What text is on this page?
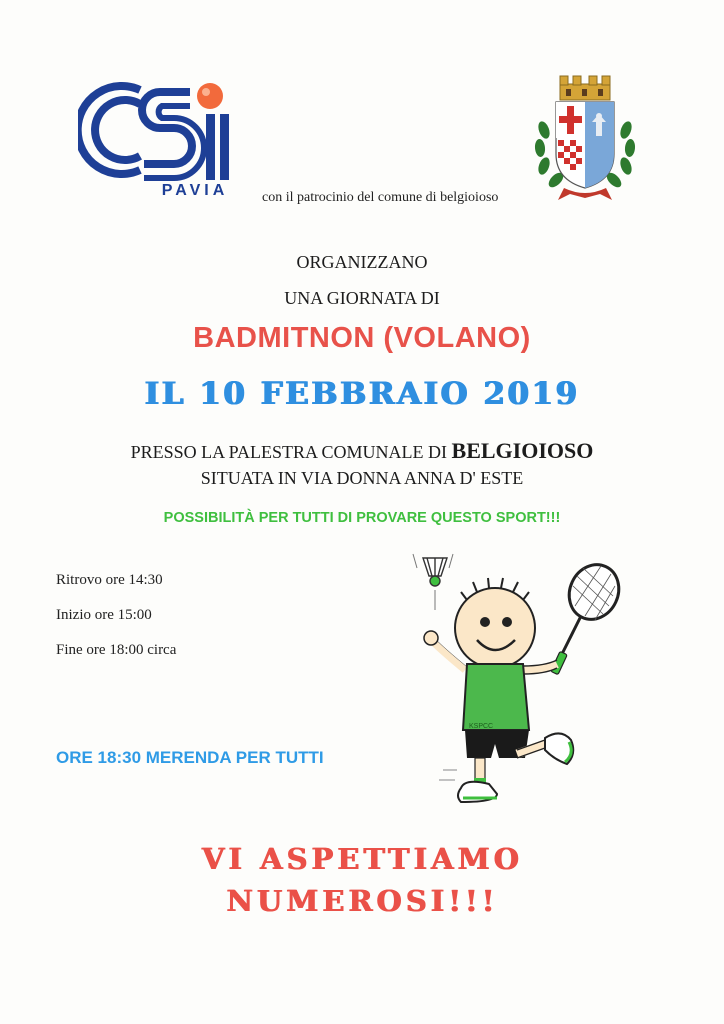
PAVIA	con il patrocinio del comune di belgioioso
ORGANIZZANO
UNA GIORNATA DI
BADMITNON (VOLANO)
IL 10 FEBBRAIO 2019
PRESSO LA PALESTRA COMUNALE DI BELGIOIOSO
SITUATA IN VIA DONNA ANNA D' ESTE
POSSIBILITÀ PER TUTTI DI PROVARE QUESTO SPORT!!!
Ritrovo ore 14:30
Inizio ore 15:00
Fine ore 18:00 circa
ORE 18:30 MERENDA PER TUTTI
KSPCC
VI ASPETTIAMO
NUMEROSI!!!
